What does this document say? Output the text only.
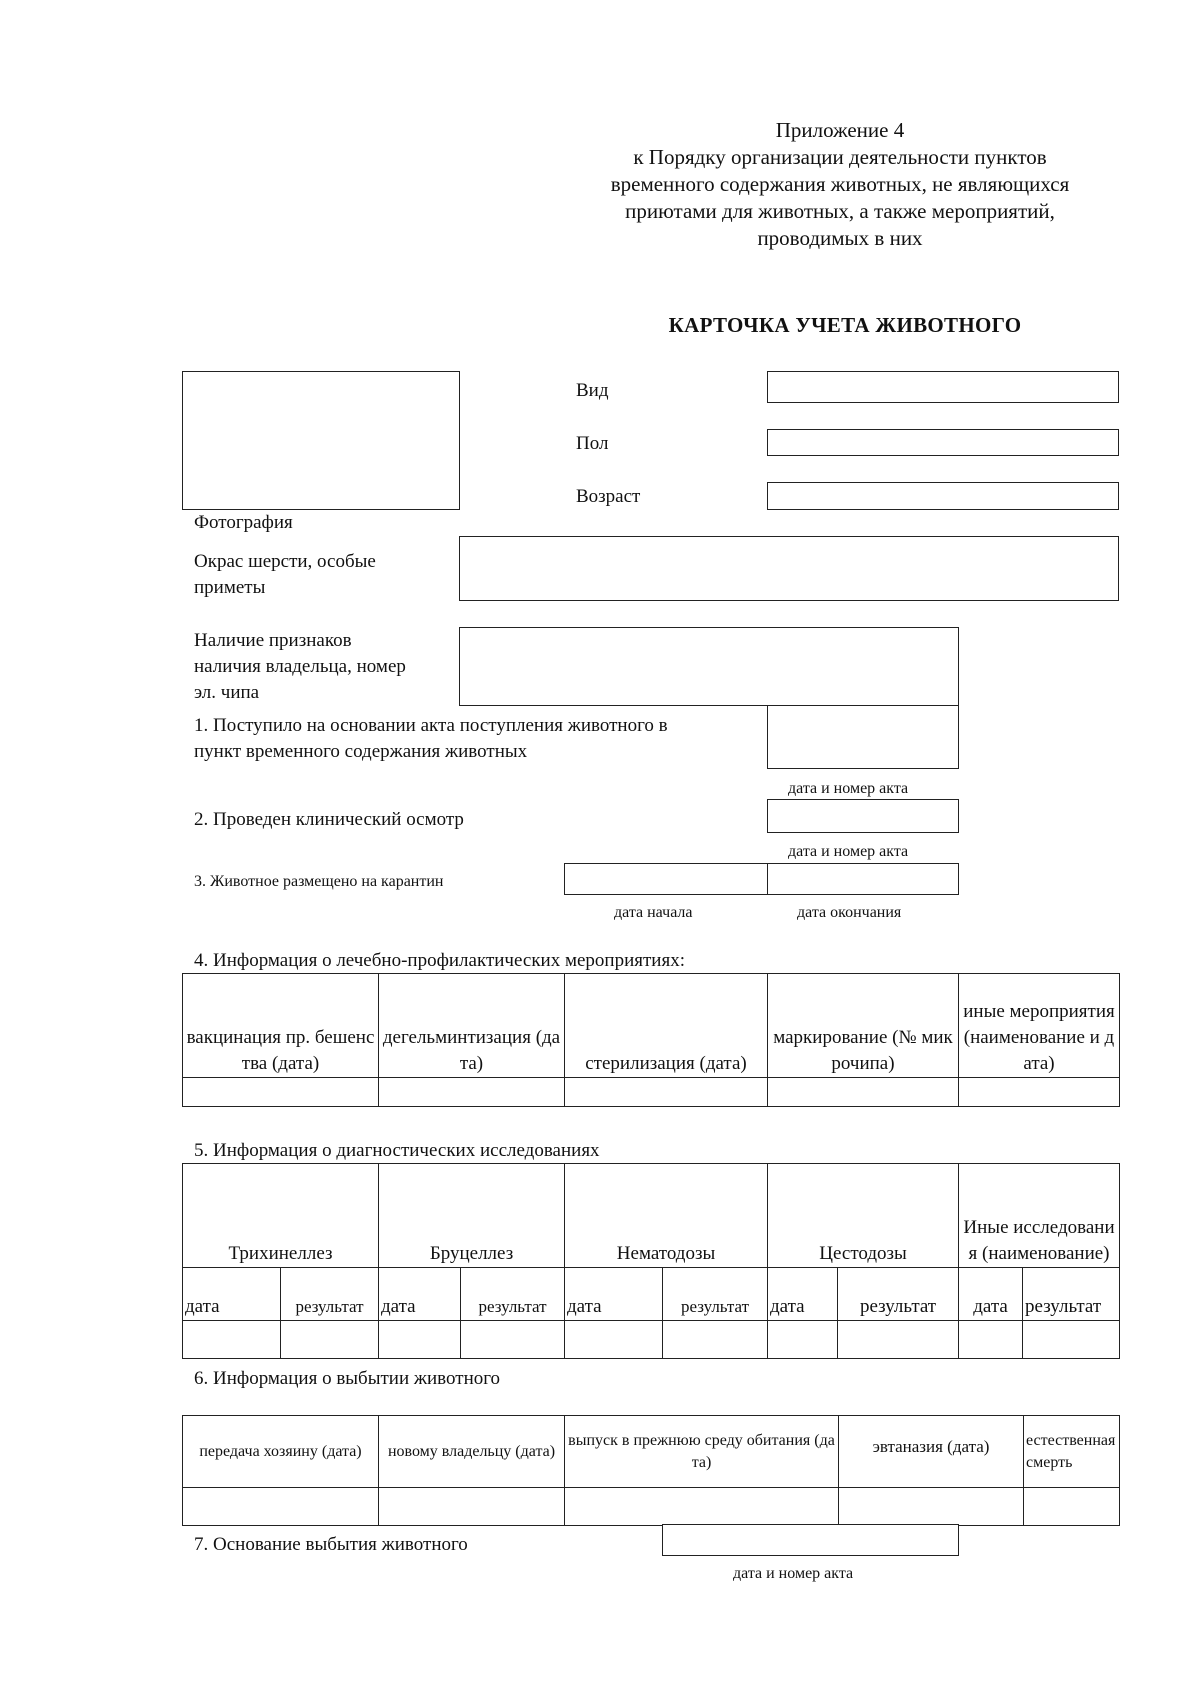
Приложение 4
к Порядку организации деятельности пунктов
временного содержания животных, не являющихся
приютами для животных, а также мероприятий,
проводимых в них
КАРТОЧКА УЧЕТА ЖИВОТНОГО
Фотография
Вид
Пол
Возраст
Окрас шерсти, особые
приметы
Наличие признаков
наличия владельца, номер
эл. чипа
1. Поступило на основании акта поступления животного в
пункт временного содержания животных
дата и номер акта
2. Проведен клинический осмотр
дата и номер акта
3. Животное размещено на карантин
дата начала	дата окончания
4. Информация о лечебно-профилактических мероприятиях:
вакцинация пр. бешенства (дата)	дегельминтизация (дата)	стерилизация (дата)	маркирование (№ микрочипа)	иные мероприятия (наименование и дата)

5. Информация о диагностических исследованиях
Трихинеллез		Бруцеллез		Нематодозы		Цестодозы		Иные исследования (наименование)	
дата	результат	дата	результат	дата	результат	дата	результат	дата	результат

6. Информация о выбытии животного
передача хозяину (дата)	новому владельцу (дата)	выпуск в прежнюю среду обитания (дата)	эвтаназия (дата)	естественная смерть

7. Основание выбытия животного
дата и номер акта
